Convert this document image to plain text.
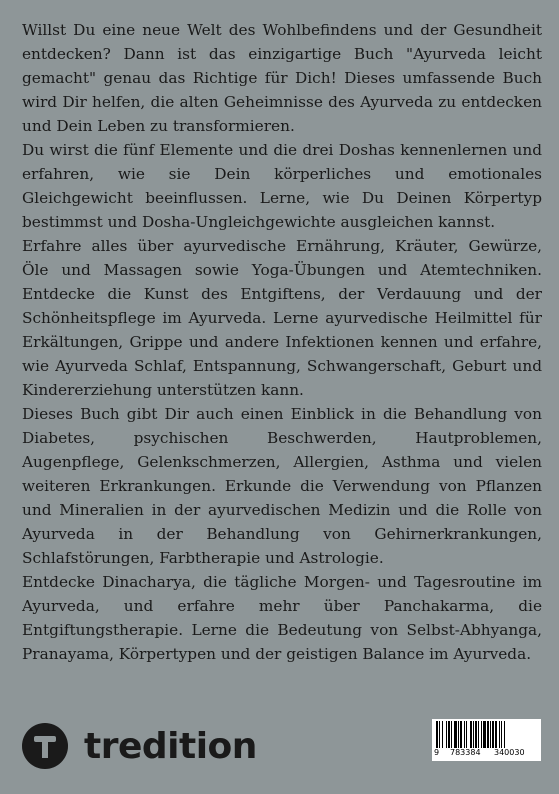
Willst Du eine neue Welt des Wohlbefindens und der Gesundheit entdecken? Dann ist das einzigartige Buch "Ayurveda leicht gemacht" genau das Richtige für Dich! Dieses umfassende Buch wird Dir helfen, die alten Geheimnisse des Ayurveda zu entdecken und Dein Leben zu transformieren.

Du wirst die fünf Elemente und die drei Doshas kennenlernen und erfahren, wie sie Dein körperliches und emotionales Gleichgewicht beeinflussen. Lerne, wie Du Deinen Körpertyp bestimmst und Dosha-Ungleichgewichte ausgleichen kannst.

Erfahre alles über ayurvedische Ernährung, Kräuter, Gewürze, Öle und Massagen sowie Yoga-Übungen und Atemtechniken. Entdecke die Kunst des Entgiftens, der Verdauung und der Schönheitspflege im Ayurveda. Lerne ayurvedische Heilmittel für Erkältungen, Grippe und andere Infektionen kennen und erfahre, wie Ayurveda Schlaf, Entspannung, Schwangerschaft, Geburt und Kindererziehung unterstützen kann.

Dieses Buch gibt Dir auch einen Einblick in die Behandlung von Diabetes, psychischen Beschwerden, Hautproblemen, Augenpflege, Gelenkschmerzen, Allergien, Asthma und vielen weiteren Erkrankungen. Erkunde die Verwendung von Pflanzen und Mineralien in der ayurvedischen Medizin und die Rolle von Ayurveda in der Behandlung von Gehirnerkrankungen, Schlafstörungen, Farbtherapie und Astrologie.

Entdecke Dinacharya, die tägliche Morgen- und Tagesroutine im Ayurveda, und erfahre mehr über Panchakarma, die Entgiftungstherapie. Lerne die Bedeutung von Selbst-Abhyanga, Pranayama, Körpertypen und der geistigen Balance im Ayurveda.

tredition	9 783384 340030
